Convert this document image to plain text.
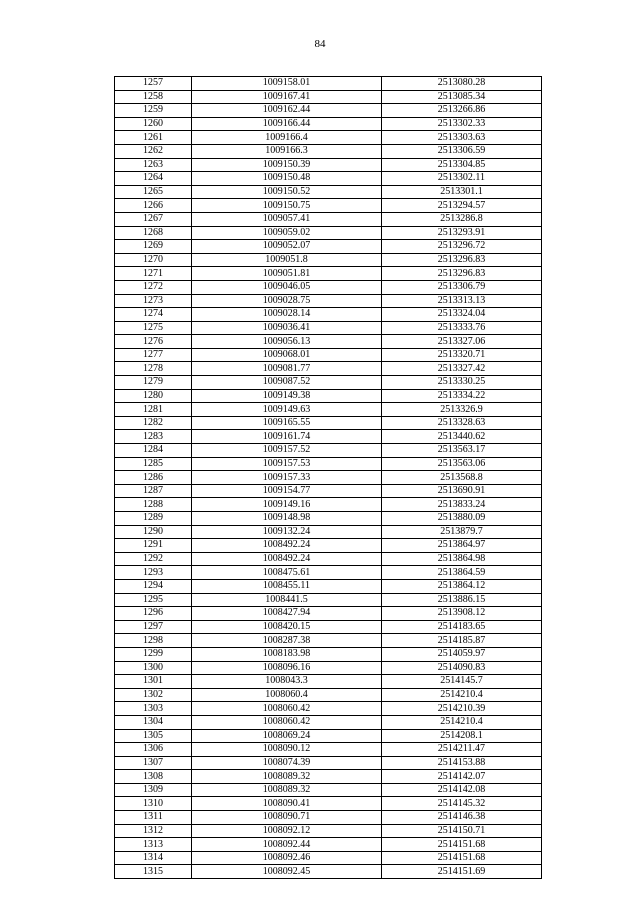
84
1257	1009158.01	2513080.28
1258	1009167.41	2513085.34
1259	1009162.44	2513266.86
1260	1009166.44	2513302.33
1261	1009166.4	2513303.63
1262	1009166.3	2513306.59
1263	1009150.39	2513304.85
1264	1009150.48	2513302.11
1265	1009150.52	2513301.1
1266	1009150.75	2513294.57
1267	1009057.41	2513286.8
1268	1009059.02	2513293.91
1269	1009052.07	2513296.72
1270	1009051.8	2513296.83
1271	1009051.81	2513296.83
1272	1009046.05	2513306.79
1273	1009028.75	2513313.13
1274	1009028.14	2513324.04
1275	1009036.41	2513333.76
1276	1009056.13	2513327.06
1277	1009068.01	2513320.71
1278	1009081.77	2513327.42
1279	1009087.52	2513330.25
1280	1009149.38	2513334.22
1281	1009149.63	2513326.9
1282	1009165.55	2513328.63
1283	1009161.74	2513440.62
1284	1009157.52	2513563.17
1285	1009157.53	2513563.06
1286	1009157.33	2513568.8
1287	1009154.77	2513690.91
1288	1009149.16	2513833.24
1289	1009148.98	2513880.09
1290	1009132.24	2513879.7
1291	1008492.24	2513864.97
1292	1008492.24	2513864.98
1293	1008475.61	2513864.59
1294	1008455.11	2513864.12
1295	1008441.5	2513886.15
1296	1008427.94	2513908.12
1297	1008420.15	2514183.65
1298	1008287.38	2514185.87
1299	1008183.98	2514059.97
1300	1008096.16	2514090.83
1301	1008043.3	2514145.7
1302	1008060.4	2514210.4
1303	1008060.42	2514210.39
1304	1008060.42	2514210.4
1305	1008069.24	2514208.1
1306	1008090.12	2514211.47
1307	1008074.39	2514153.88
1308	1008089.32	2514142.07
1309	1008089.32	2514142.08
1310	1008090.41	2514145.32
1311	1008090.71	2514146.38
1312	1008092.12	2514150.71
1313	1008092.44	2514151.68
1314	1008092.46	2514151.68
1315	1008092.45	2514151.69
